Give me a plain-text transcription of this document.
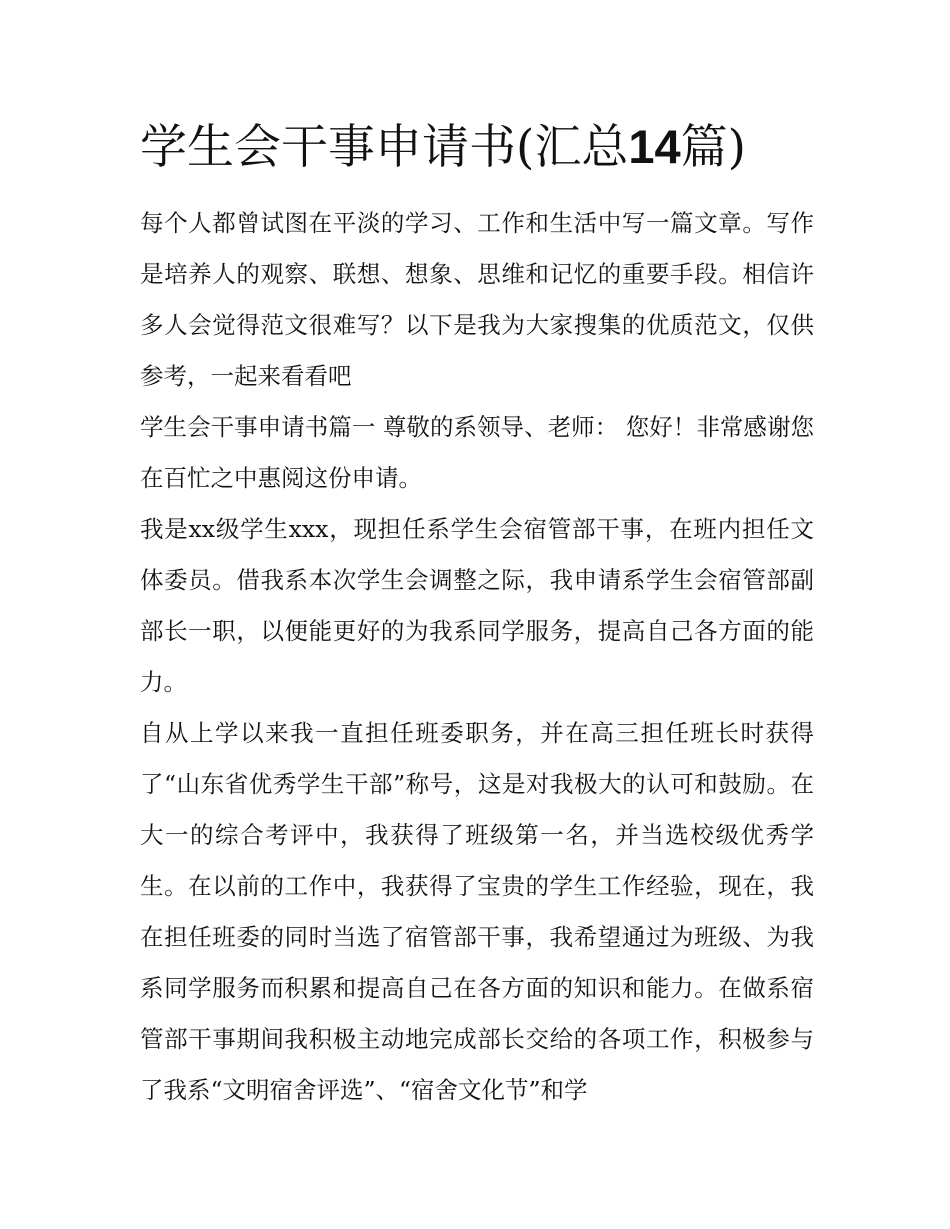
学生会干事申请书(汇总14篇)

每个人都曾试图在平淡的学习、工作和生活中写一篇文章。写作是培养人的观察、联想、想象、思维和记忆的重要手段。相信许多人会觉得范文很难写？以下是我为大家搜集的优质范文，仅供参考，一起来看看吧

学生会干事申请书篇一 尊敬的系领导、老师： 您好！非常感谢您在百忙之中惠阅这份申请。

我是xx级学生xxx，现担任系学生会宿管部干事，在班内担任文体委员。借我系本次学生会调整之际，我申请系学生会宿管部副部长一职，以便能更好的为我系同学服务，提高自己各方面的能力。

自从上学以来我一直担任班委职务，并在高三担任班长时获得了“山东省优秀学生干部”称号，这是对我极大的认可和鼓励。在大一的综合考评中，我获得了班级第一名，并当选校级优秀学生。在以前的工作中，我获得了宝贵的学生工作经验，现在，我在担任班委的同时当选了宿管部干事，我希望通过为班级、为我系同学服务而积累和提高自己在各方面的知识和能力。在做系宿管部干事期间我积极主动地完成部长交给的各项工作，积极参与了我系“文明宿舍评选”、“宿舍文化节”和学
